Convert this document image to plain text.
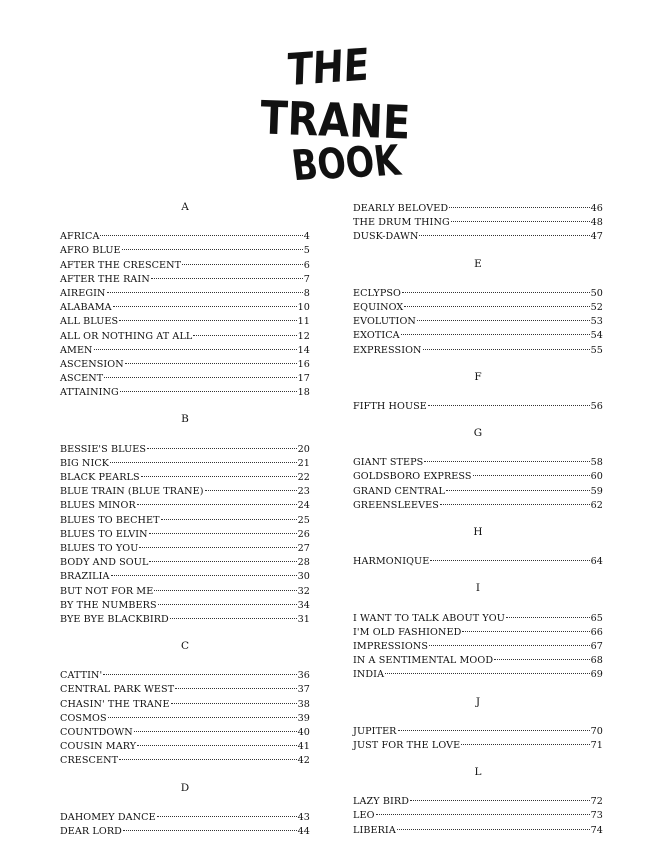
THE
TRANE
BOOK
A
AFRICA	4
AFRO BLUE	5
AFTER THE CRESCENT	6
AFTER THE RAIN	7
AIREGIN	8
ALABAMA	10
ALL BLUES	11
ALL OR NOTHING AT ALL	12
AMEN	14
ASCENSION	16
ASCENT	17
ATTAINING	18
B
BESSIE'S BLUES	20
BIG NICK	21
BLACK PEARLS	22
BLUE TRAIN (BLUE TRANE)	23
BLUES MINOR	24
BLUES TO BECHET	25
BLUES TO ELVIN	26
BLUES TO YOU	27
BODY AND SOUL	28
BRAZILIA	30
BUT NOT FOR ME	32
BY THE NUMBERS	34
BYE BYE BLACKBIRD	31
C
CATTIN'	36
CENTRAL PARK WEST	37
CHASIN' THE TRANE	38
COSMOS	39
COUNTDOWN	40
COUSIN MARY	41
CRESCENT	42
D
DAHOMEY DANCE	43
DEAR LORD	44
DEARLY BELOVED	46
THE DRUM THING	48
DUSK-DAWN	47
E
ECLYPSO	50
EQUINOX	52
EVOLUTION	53
EXOTICA	54
EXPRESSION	55
F
FIFTH HOUSE	56
G
GIANT STEPS	58
GOLDSBORO EXPRESS	60
GRAND CENTRAL	59
GREENSLEEVES	62
H
HARMONIQUE	64
I
I WANT TO TALK ABOUT YOU	65
I'M OLD FASHIONED	66
IMPRESSIONS	67
IN A SENTIMENTAL MOOD	68
INDIA	69
J
JUPITER	70
JUST FOR THE LOVE	71
L
LAZY BIRD	72
LEO	73
LIBERIA	74
